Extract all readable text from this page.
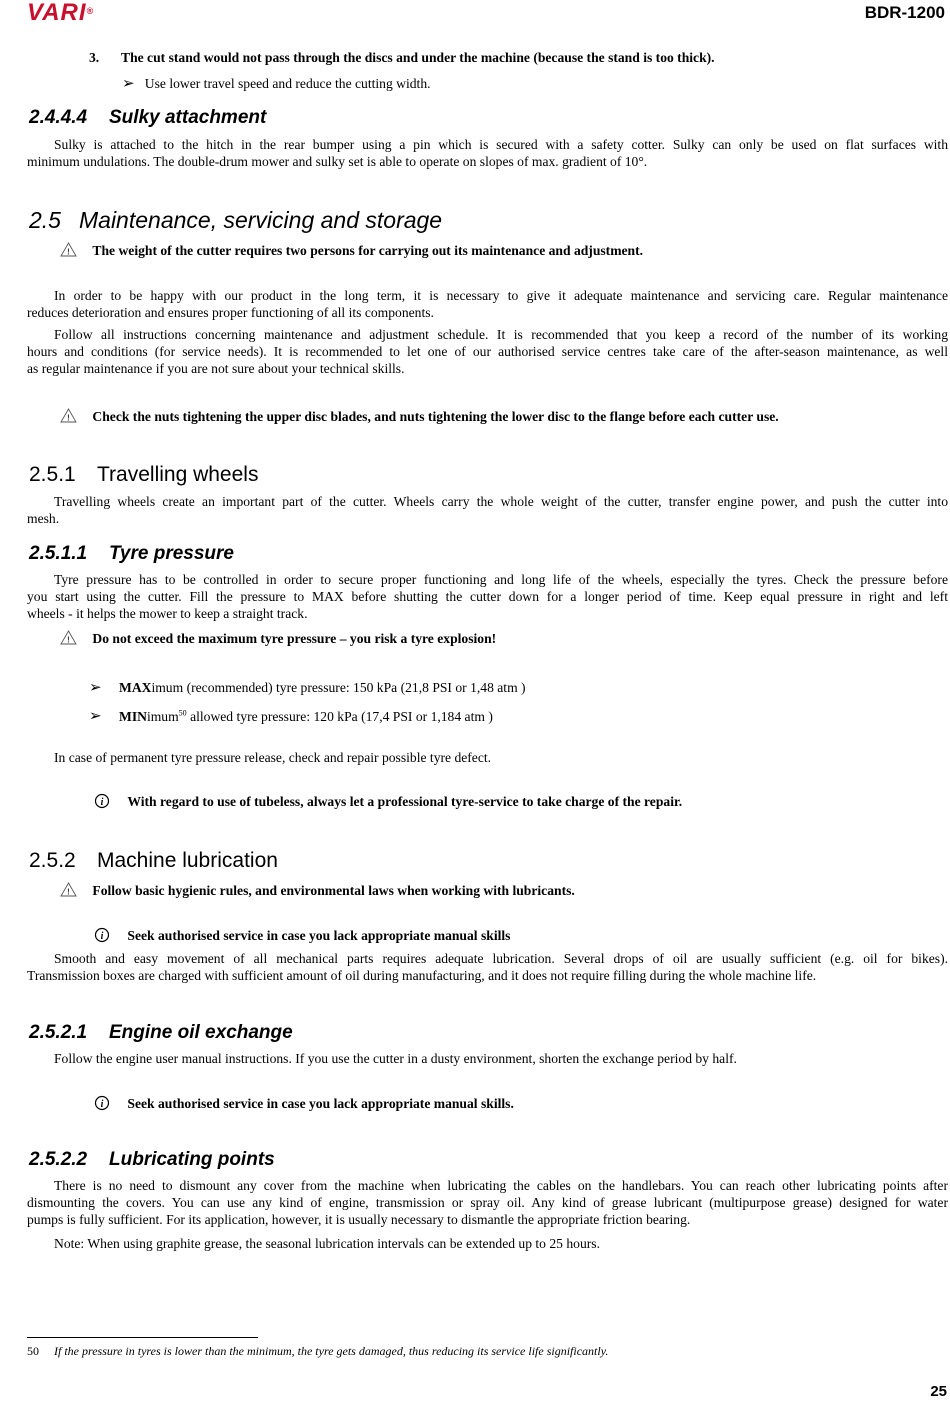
VARI®	BDR-1200
3. The cut stand would not pass through the discs and under the machine (because the stand is too thick).
➢ Use lower travel speed and reduce the cutting width.
2.4.4.4 Sulky attachment
Sulky is attached to the hitch in the rear bumper using a pin which is secured with a safety cotter. Sulky can only be used on flat surfaces with
minimum undulations. The double-drum mower and sulky set is able to operate on slopes of max. gradient of 10°.
2.5 Maintenance, servicing and storage
! The weight of the cutter requires two persons for carrying out its maintenance and adjustment.
In order to be happy with our product in the long term, it is necessary to give it adequate maintenance and servicing care. Regular maintenance
reduces deterioration and ensures proper functioning of all its components.
Follow all instructions concerning maintenance and adjustment schedule. It is recommended that you keep a record of the number of its working
hours and conditions (for service needs). It is recommended to let one of our authorised service centres take care of the after-season maintenance, as well
as regular maintenance if you are not sure about your technical skills.
! Check the nuts tightening the upper disc blades, and nuts tightening the lower disc to the flange before each cutter use.
2.5.1 Travelling wheels
Travelling wheels create an important part of the cutter. Wheels carry the whole weight of the cutter, transfer engine power, and push the cutter into
mesh.
2.5.1.1 Tyre pressure
Tyre pressure has to be controlled in order to secure proper functioning and long life of the wheels, especially the tyres. Check the pressure before
you start using the cutter. Fill the pressure to MAX before shutting the cutter down for a longer period of time. Keep equal pressure in right and left
wheels - it helps the mower to keep a straight track.
! Do not exceed the maximum tyre pressure – you risk a tyre explosion!
➢ MAXimum (recommended) tyre pressure: 150 kPa (21,8 PSI or 1,48 atm )
➢ MINimum$^{50}$ allowed tyre pressure: 120 kPa (17,4 PSI or 1,184 atm )
In case of permanent tyre pressure release, check and repair possible tyre defect.
i With regard to use of tubeless, always let a professional tyre-service to take charge of the repair.
2.5.2 Machine lubrication
! Follow basic hygienic rules, and environmental laws when working with lubricants.
i Seek authorised service in case you lack appropriate manual skills
Smooth and easy movement of all mechanical parts requires adequate lubrication. Several drops of oil are usually sufficient (e.g. oil for bikes).
Transmission boxes are charged with sufficient amount of oil during manufacturing, and it does not require filling during the whole machine life.
2.5.2.1 Engine oil exchange
Follow the engine user manual instructions. If you use the cutter in a dusty environment, shorten the exchange period by half.
i Seek authorised service in case you lack appropriate manual skills.
2.5.2.2 Lubricating points
There is no need to dismount any cover from the machine when lubricating the cables on the handlebars. You can reach other lubricating points after
dismounting the covers. You can use any kind of engine, transmission or spray oil. Any kind of grease lubricant (multipurpose grease) designed for water
pumps is fully sufficient. For its application, however, it is usually necessary to dismantle the appropriate friction bearing.
Note: When using graphite grease, the seasonal lubrication intervals can be extended up to 25 hours.
50 If the pressure in tyres is lower than the minimum, the tyre gets damaged, thus reducing its service life significantly.
25
